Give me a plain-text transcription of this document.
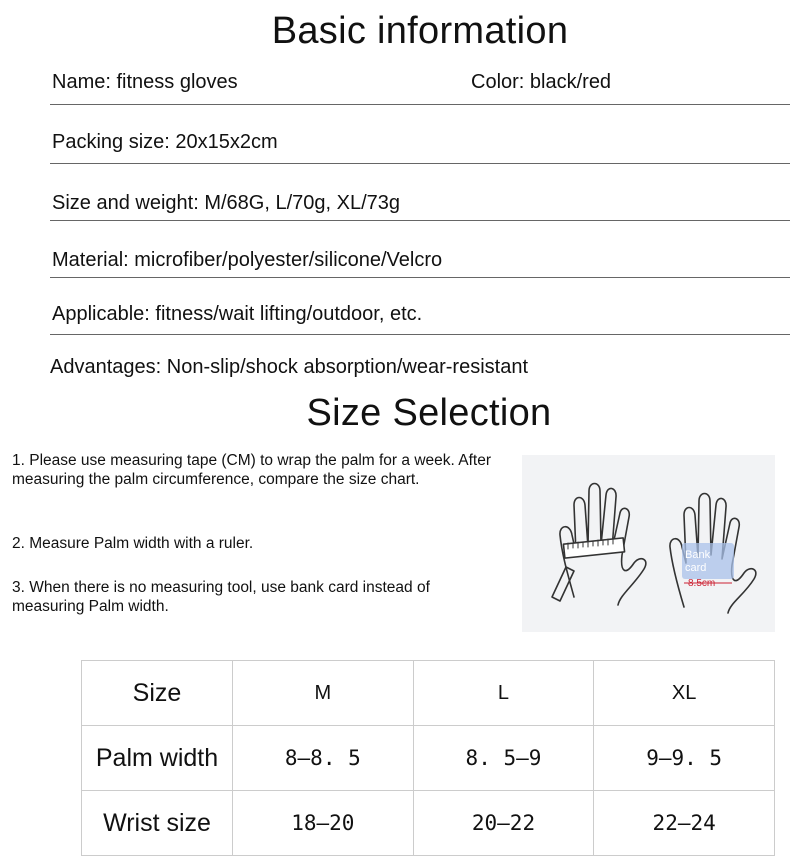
Basic information
Name: fitness gloves	Color: black/red
Packing size: 20x15x2cm
Size and weight: M/68G, L/70g, XL/73g
Material: microfiber/polyester/silicone/Velcro
Applicable: fitness/wait lifting/outdoor, etc.
Advantages: Non-slip/shock absorption/wear-resistant
Size Selection
1. Please use measuring tape (CM) to wrap the palm for a week. After measuring the palm circumference, compare the size chart.
2. Measure Palm width with a ruler.
3. When there is no measuring tool, use bank card instead of measuring Palm width.
Bank
card
8.5cm
Size	M	L	XL
Palm width	8–8. 5	8. 5–9	9–9. 5
Wrist size	18–20	20–22	22–24
